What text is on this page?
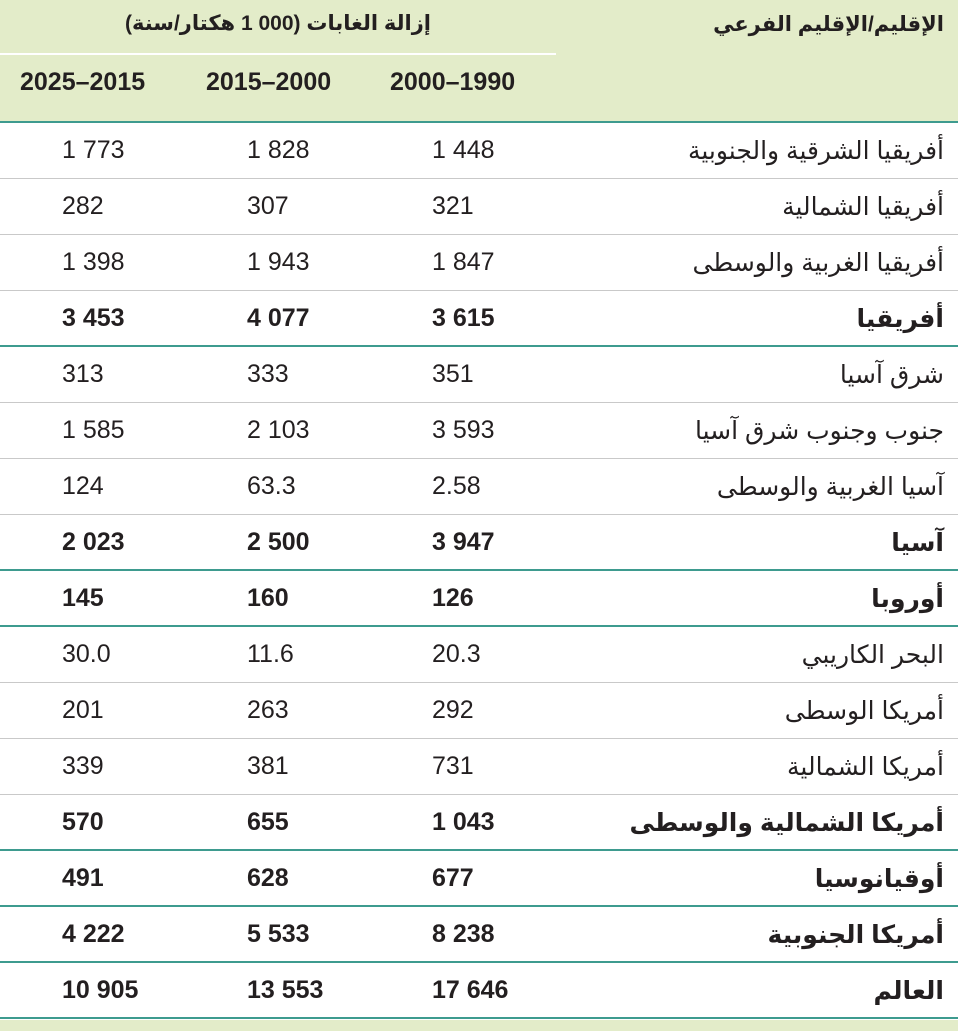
الإقليم/الإقليم الفرعي
إزالة الغابات (000 1 هكتار/سنة)
2000–1990
2015–2000
2025–2015
أفريقيا الشرقية والجنوبية
1 448
1 828
1 773
أفريقيا الشمالية
321
307
282
أفريقيا الغربية والوسطى
1 847
1 943
1 398
أفريقيا
3 615
4 077
3 453
شرق آسيا
351
333
313
جنوب وجنوب شرق آسيا
3 593
2 103
1 585
آسيا الغربية والوسطى
2.58
63.3
124
آسيا
3 947
2 500
2 023
أوروبا
126
160
145
البحر الكاريبي
20.3
11.6
30.0
أمريكا الوسطى
292
263
201
أمريكا الشمالية
731
381
339
أمريكا الشمالية والوسطى
1 043
655
570
أوقيانوسيا
677
628
491
أمريكا الجنوبية
8 238
5 533
4 222
العالم
17 646
13 553
10 905
